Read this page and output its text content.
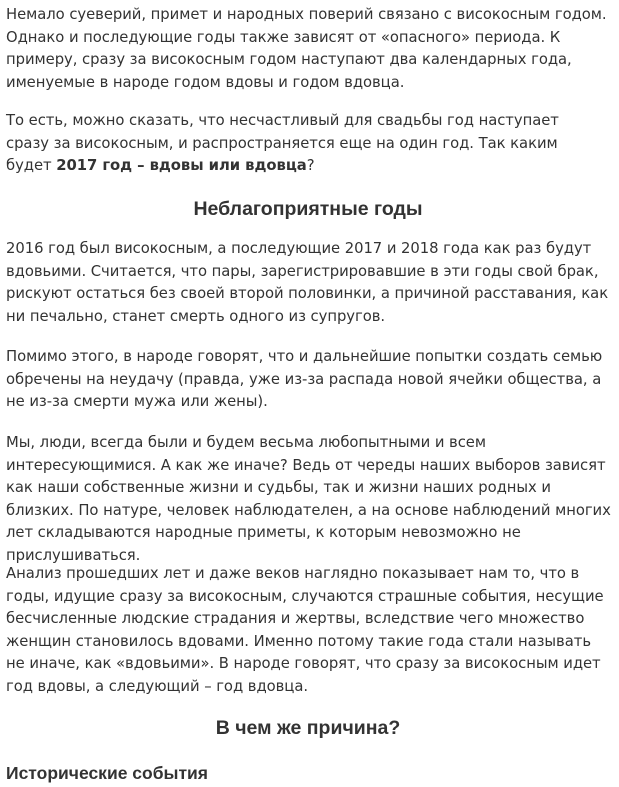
Немало суеверий, примет и народных поверий связано с високосным годом. Однако и последующие годы также зависят от «опасного» периода. К примеру, сразу за високосным годом наступают два календарных года, именуемые в народе годом вдовы и годом вдовца.

То есть, можно сказать, что несчастливый для свадьбы год наступает сразу за високосным, и распространяется еще на один год. Так каким будет 2017 год – вдовы или вдовца?

Неблагоприятные годы

2016 год был високосным, а последующие 2017 и 2018 года как раз будут вдовьими. Считается, что пары, зарегистрировавшие в эти годы свой брак, рискуют остаться без своей второй половинки, а причиной расставания, как ни печально, станет смерть одного из супругов.

Помимо этого, в народе говорят, что и дальнейшие попытки создать семью обречены на неудачу (правда, уже из-за распада новой ячейки общества, а не из-за смерти мужа или жены).

Мы, люди, всегда были и будем весьма любопытными и всем интересующимися. А как же иначе? Ведь от череды наших выборов зависят как наши собственные жизни и судьбы, так и жизни наших родных и близких. По натуре, человек наблюдателен, а на основе наблюдений многих лет складываются народные приметы, к которым невозможно не прислушиваться.

Анализ прошедших лет и даже веков наглядно показывает нам то, что в годы, идущие сразу за високосным, случаются страшные события, несущие бесчисленные людские страдания и жертвы, вследствие чего множество женщин становилось вдовами. Именно потому такие года стали называть не иначе, как «вдовьими». В народе говорят, что сразу за високосным идет год вдовы, а следующий – год вдовца.

В чем же причина?
Исторические события
